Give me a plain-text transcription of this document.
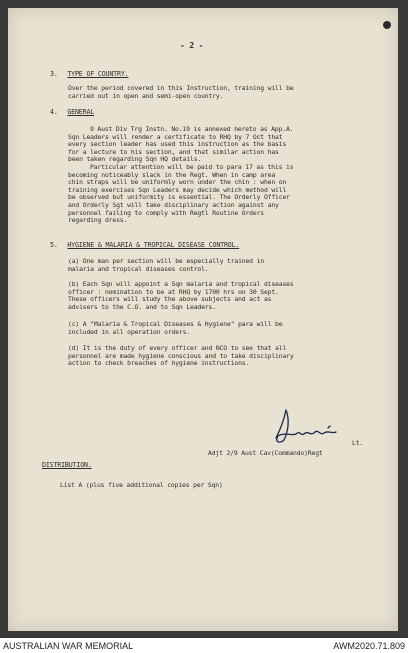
- 2 -
3. TYPE OF COUNTRY.
Over the period covered in this Instruction, training will be
carried out in open and semi-open country.
4. GENERAL
9 Aust Div Trg Instn. No.19 is annexed hereto as App.A.
Sqn Leaders will render a certificate to RHQ by 7 Oct that
every section leader has used this instruction as the basis
for a lecture to his section, and that similar action has
been taken regarding Sqn HQ details.
Particular attention will be paid to para 17 as this is
becoming noticeably slack in the Regt. When in camp area
chin straps will be uniformly worn under the chin : when on
training exercises Sqn Leaders may decide which method will
be observed but uniformity is essential. The Orderly Officer
and Orderly Sgt will take disciplinary action against any
personnel failing to comply with Regtl Routine Orders
regarding dress.
5. HYGIENE & MALARIA & TROPICAL DISEASE CONTROL.
(a) One man per section will be especially trained in
malaria and tropical diseases control.
(b) Each Sqn will appoint a Sqn malaria and tropical diseases
officer : nomination to be at RHQ by 1700 hrs on 30 Sept.
These officers will study the above subjects and act as
advisers to the C.O. and to Sqn Leaders.
(c) A "Malaria & Tropical Diseases & Hygiene" para will be
included in all operation orders.
(d) It is the duty of every officer and NCO to see that all
personnel are made hygiene conscious and to take disciplinary
action to check breaches of hygiene instructions.
Lt.
Adjt 2/9 Aust Cav(Commando)Regt
DISTRIBUTION.
List A (plus five additional copies per Sqn)
AUSTRALIAN WAR MEMORIAL	AWM2020.71.809
